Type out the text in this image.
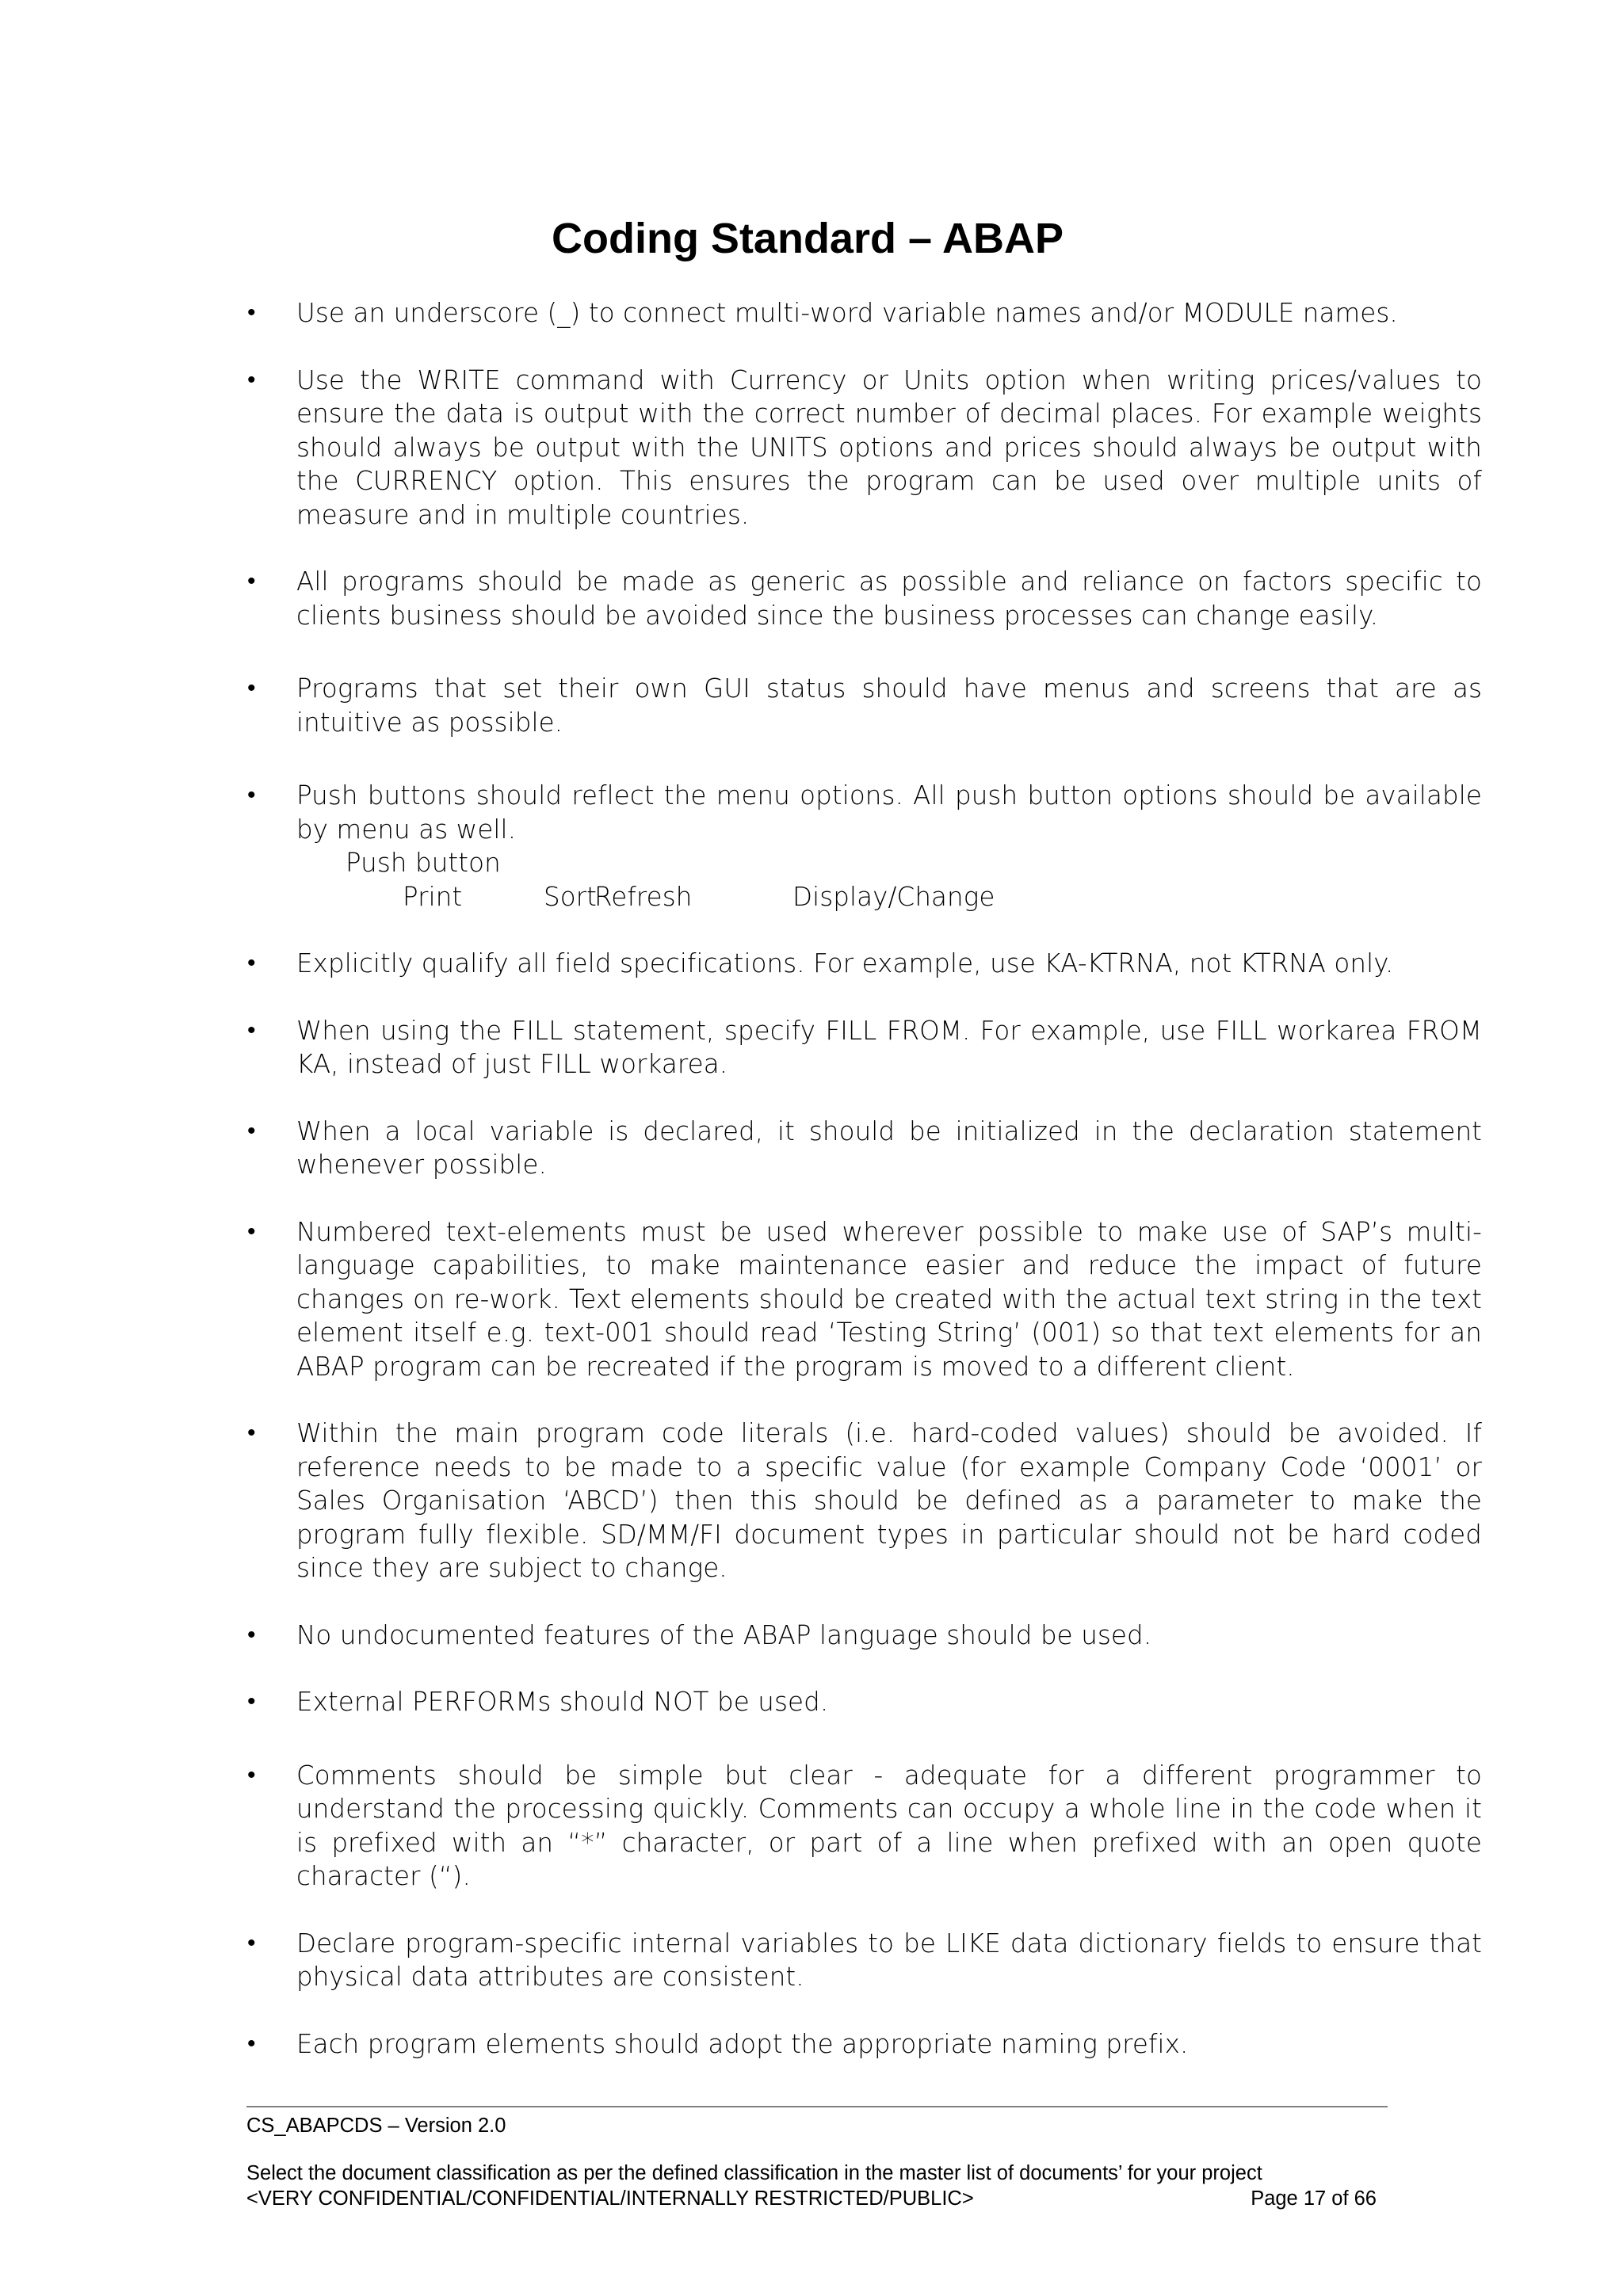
Coding Standard – ABAP
• Use an underscore (_) to connect multi-word variable names and/or MODULE names.
• Use the WRITE command with Currency or Units option when writing prices/values to ensure the data is output with the correct number of decimal places. For example weights should always be output with the UNITS options and prices should always be output with the CURRENCY option. This ensures the program can be used over multiple units of measure and in multiple countries.
• All programs should be made as generic as possible and reliance on factors specific to clients business should be avoided since the business processes can change easily.
• Programs that set their own GUI status should have menus and screens that are as intuitive as possible.
• Push buttons should reflect the menu options. All push button options should be available by menu as well.
Push button
Print	SortRefresh	Display/Change
• Explicitly qualify all field specifications. For example, use KA-KTRNA, not KTRNA only.
• When using the FILL statement, specify FILL FROM. For example, use FILL workarea FROM KA, instead of just FILL workarea.
• When a local variable is declared, it should be initialized in the declaration statement whenever possible.
• Numbered text-elements must be used wherever possible to make use of SAP’s multi-language capabilities, to make maintenance easier and reduce the impact of future changes on re-work. Text elements should be created with the actual text string in the text element itself e.g. text-001 should read ‘Testing String’ (001) so that text elements for an ABAP program can be recreated if the program is moved to a different client.
• Within the main program code literals (i.e. hard-coded values) should be avoided. If reference needs to be made to a specific value (for example Company Code ‘0001’ or Sales Organisation ‘ABCD’) then this should be defined as a parameter to make the program fully flexible. SD/MM/FI document types in particular should not be hard coded since they are subject to change.
• No undocumented features of the ABAP language should be used.
• External PERFORMs should NOT be used.
• Comments should be simple but clear - adequate for a different programmer to understand the processing quickly. Comments can occupy a whole line in the code when it is prefixed with an “*” character, or part of a line when prefixed with an open quote character (“).
• Declare program-specific internal variables to be LIKE data dictionary fields to ensure that physical data attributes are consistent.
• Each program elements should adopt the appropriate naming prefix.
CS_ABAPCDS – Version 2.0
Select the document classification as per the defined classification in the master list of documents’ for your project
<VERY CONFIDENTIAL/CONFIDENTIAL/INTERNALLY RESTRICTED/PUBLIC>	Page 17 of 66
